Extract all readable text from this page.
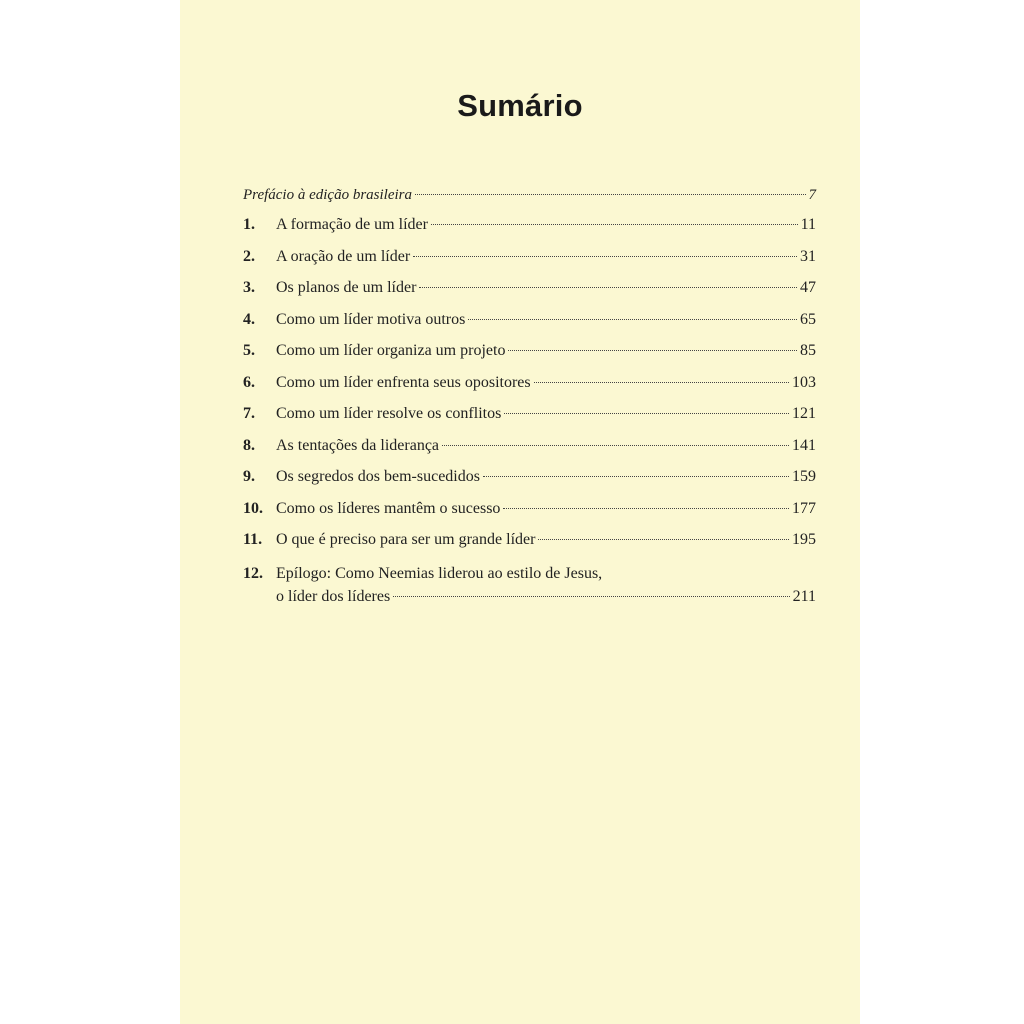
Sumário
Prefácio à edição brasileira	7
1.	A formação de um líder	11
2.	A oração de um líder	31
3.	Os planos de um líder	47
4.	Como um líder motiva outros	65
5.	Como um líder organiza um projeto	85
6.	Como um líder enfrenta seus opositores	103
7.	Como um líder resolve os conflitos	121
8.	As tentações da liderança	141
9.	Os segredos dos bem-sucedidos	159
10. Como os líderes mantêm o sucesso	177
11. O que é preciso para ser um grande líder	195
12. Epílogo: Como Neemias liderou ao estilo de Jesus,
o líder dos líderes	211
